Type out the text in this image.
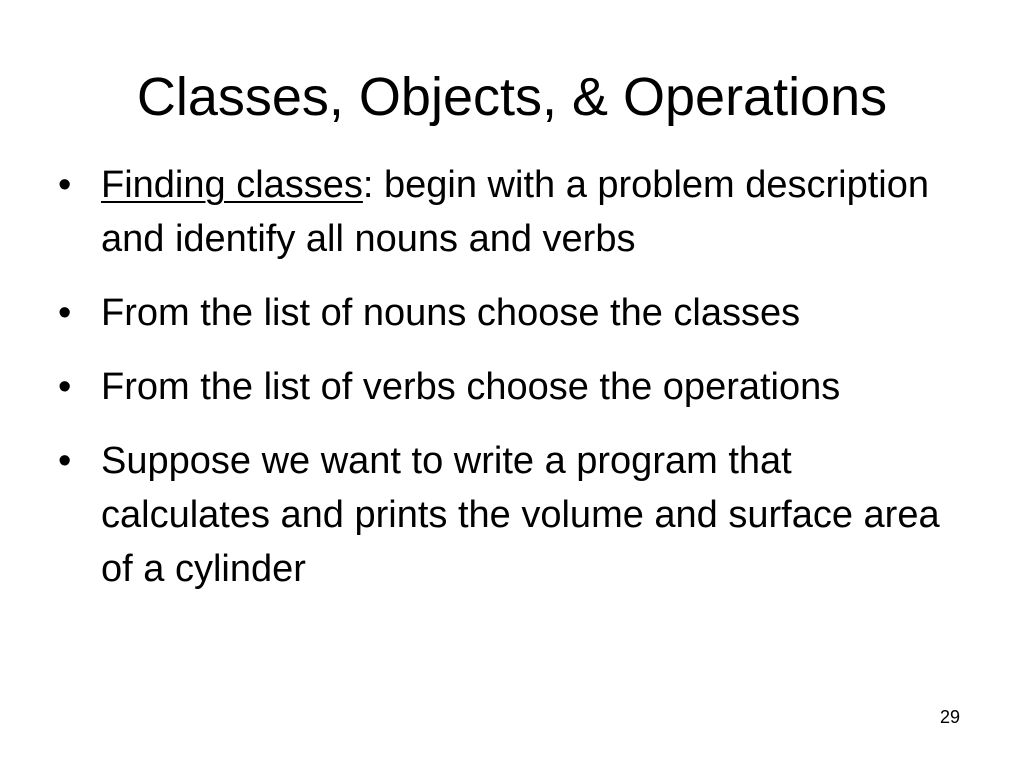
Classes, Objects, & Operations
• Finding classes: begin with a problem description and identify all nouns and verbs
• From the list of nouns choose the classes
• From the list of verbs choose the operations
• Suppose we want to write a program that calculates and prints the volume and surface area of a cylinder
29
